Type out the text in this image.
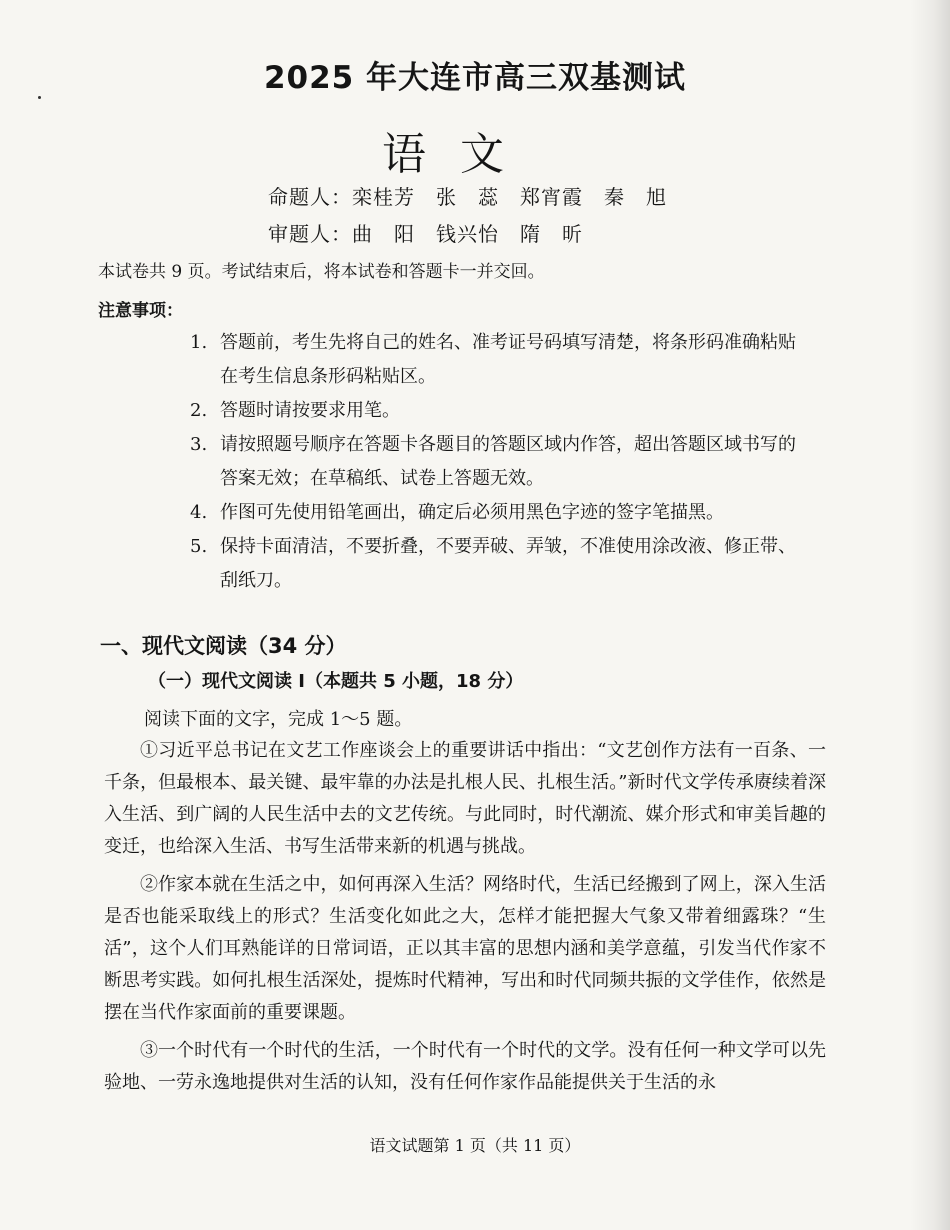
2025 年大连市高三双基测试
语文
命题人：栾桂芳　张　蕊　郑宵霞　秦　旭
审题人：曲　阳　钱兴怡　隋　昕
本试卷共 9 页。考试结束后，将本试卷和答题卡一并交回。
注意事项：
1. 答题前，考生先将自己的姓名、准考证号码填写清楚，将条形码准确粘贴在考生信息条形码粘贴区。
2. 答题时请按要求用笔。
3. 请按照题号顺序在答题卡各题目的答题区域内作答，超出答题区域书写的答案无效；在草稿纸、试卷上答题无效。
4. 作图可先使用铅笔画出，确定后必须用黑色字迹的签字笔描黑。
5. 保持卡面清洁，不要折叠，不要弄破、弄皱，不准使用涂改液、修正带、刮纸刀。
一、现代文阅读（34 分）
（一）现代文阅读 I（本题共 5 小题，18 分）
阅读下面的文字，完成 1～5 题。

①习近平总书记在文艺工作座谈会上的重要讲话中指出：“文艺创作方法有一百条、一千条，但最根本、最关键、最牢靠的办法是扎根人民、扎根生活。”新时代文学传承赓续着深入生活、到广阔的人民生活中去的文艺传统。与此同时，时代潮流、媒介形式和审美旨趣的变迁，也给深入生活、书写生活带来新的机遇与挑战。

②作家本就在生活之中，如何再深入生活？网络时代，生活已经搬到了网上，深入生活是否也能采取线上的形式？生活变化如此之大，怎样才能把握大气象又带着细露珠？“生活”，这个人们耳熟能详的日常词语，正以其丰富的思想内涵和美学意蕴，引发当代作家不断思考实践。如何扎根生活深处，提炼时代精神，写出和时代同频共振的文学佳作，依然是摆在当代作家面前的重要课题。

③一个时代有一个时代的生活，一个时代有一个时代的文学。没有任何一种文学可以先验地、一劳永逸地提供对生活的认知，没有任何作家作品能提供关于生活的永

语文试题第 1 页（共 11 页）
